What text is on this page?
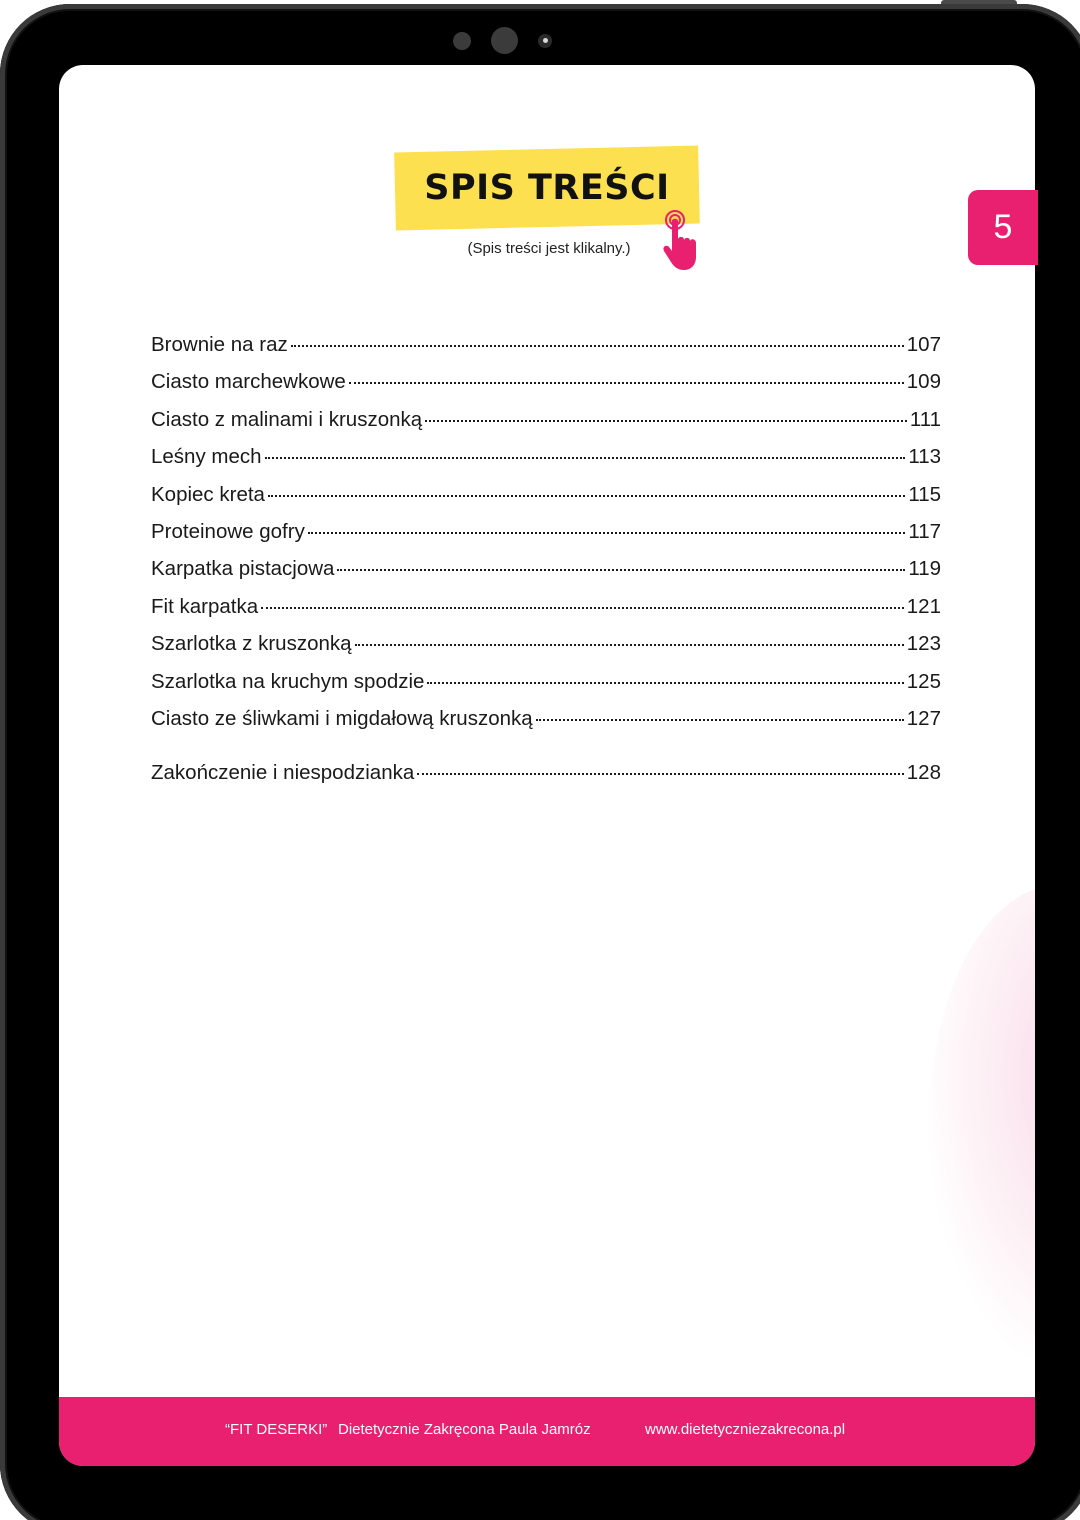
SPIS TREŚCI
(Spis treści jest klikalny.)
Brownie na raz	107
Ciasto marchewkowe	109
Ciasto z malinami i kruszonką	111
Leśny mech	113
Kopiec kreta	115
Proteinowe gofry	117
Karpatka pistacjowa	119
Fit karpatka	121
Szarlotka z kruszonką	123
Szarlotka na kruchym spodzie	125
Ciasto ze śliwkami i migdałową kruszonką	127
Zakończenie i niespodzianka	128
“FIT DESERKI” Dietetycznie Zakręcona Paula Jamróz	www.dietetyczniezakrecona.pl
5
